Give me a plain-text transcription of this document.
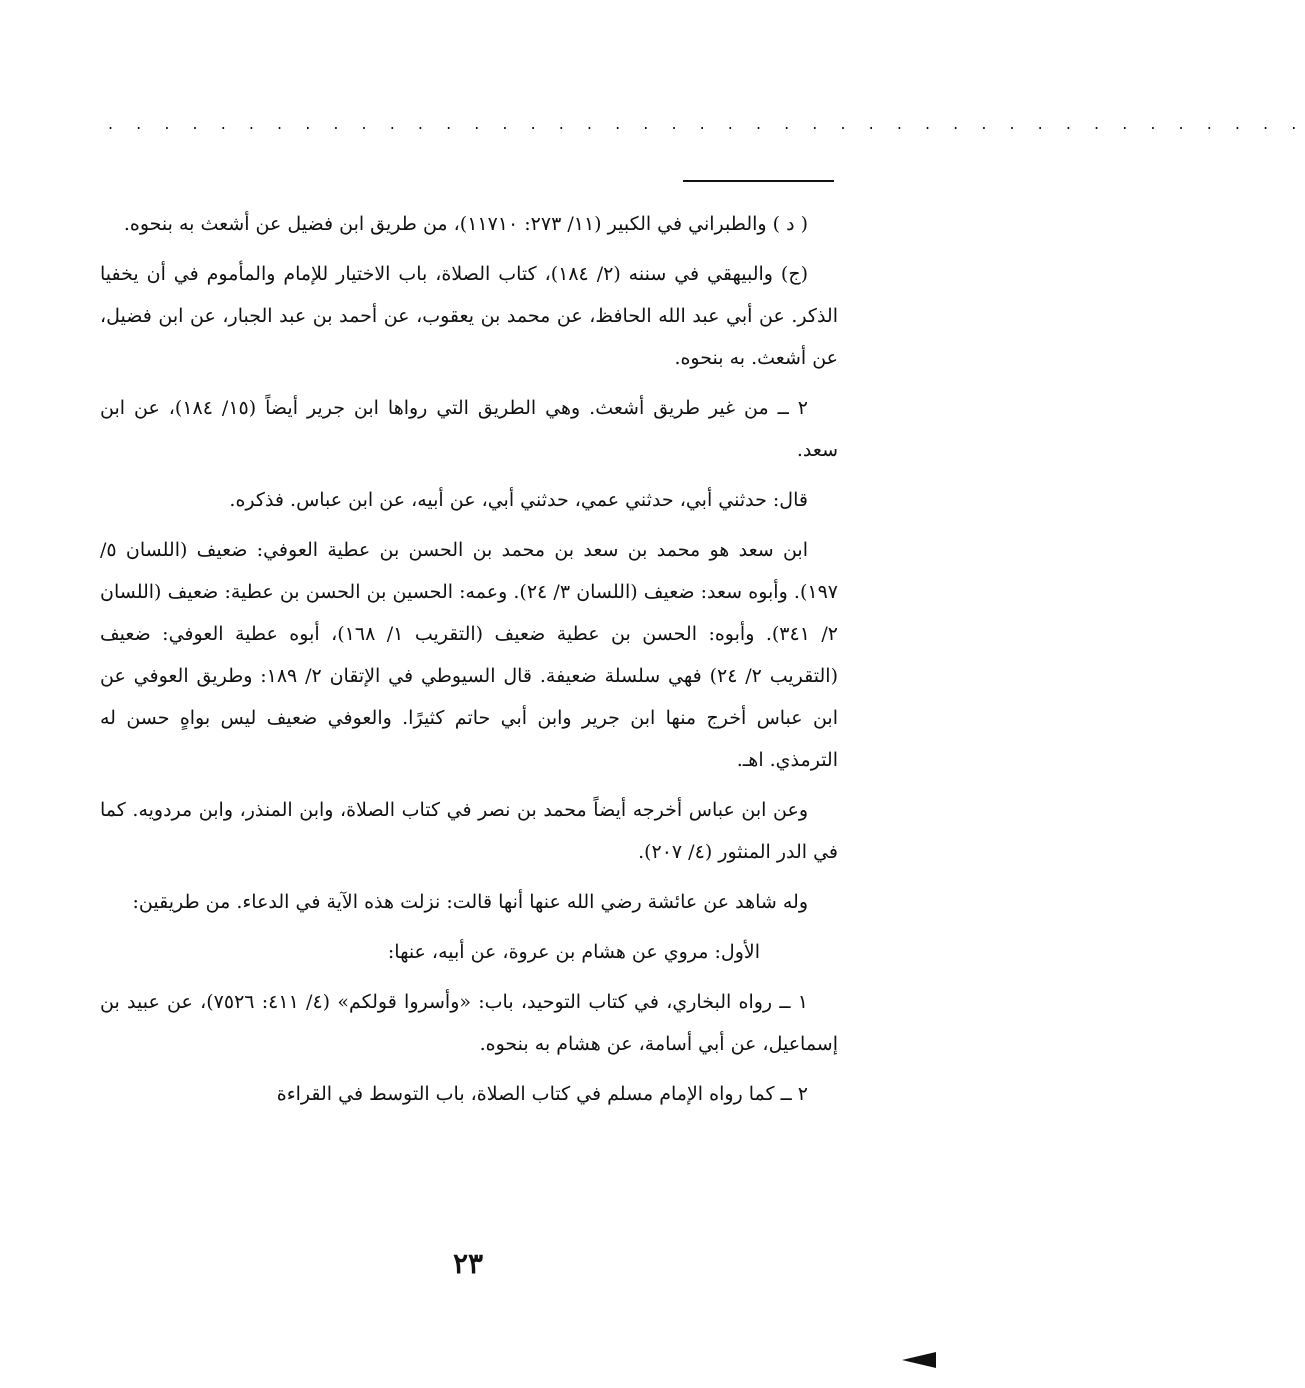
. . . . . . . . . . . . . . . . . . . . . . . . . . . . . . . . . . . . . . . . . . .

( د ) والطبراني في الكبير (١١/ ٢٧٣: ١١٧١٠)، من طريق ابن فضيل عن أشعث به بنحوه.

(ج) والبيهقي في سننه (٢/ ١٨٤)، كتاب الصلاة، باب الاختيار للإمام والمأموم في أن يخفيا الذكر. عن أبي عبد الله الحافظ، عن محمد بن يعقوب، عن أحمد بن عبد الجبار، عن ابن فضيل، عن أشعث. به بنحوه.

٢ ــ من غير طريق أشعث. وهي الطريق التي رواها ابن جرير أيضاً (١٥/ ١٨٤)، عن ابن سعد.

قال: حدثني أبي، حدثني عمي، حدثني أبي، عن أبيه، عن ابن عباس. فذكره.

ابن سعد هو محمد بن سعد بن محمد بن الحسن بن عطية العوفي: ضعيف (اللسان ٥/ ١٩٧). وأبوه سعد: ضعيف (اللسان ٣/ ٢٤). وعمه: الحسين بن الحسن بن عطية: ضعيف (اللسان ٢/ ٣٤١). وأبوه: الحسن بن عطية ضعيف (التقريب ١/ ١٦٨)، أبوه عطية العوفي: ضعيف (التقريب ٢/ ٢٤) فهي سلسلة ضعيفة. قال السيوطي في الإتقان ٢/ ١٨٩: وطريق العوفي عن ابن عباس أخرج منها ابن جرير وابن أبي حاتم كثيرًا. والعوفي ضعيف ليس بواهٍ حسن له الترمذي. اهـ.

وعن ابن عباس أخرجه أيضاً محمد بن نصر في كتاب الصلاة، وابن المنذر، وابن مردويه. كما في الدر المنثور (٤/ ٢٠٧).

وله شاهد عن عائشة رضي الله عنها أنها قالت: نزلت هذه الآية في الدعاء. من طريقين:

الأول: مروي عن هشام بن عروة، عن أبيه، عنها:

١ ــ رواه البخاري، في كتاب التوحيد، باب: «وأسروا قولكم» (٤/ ٤١١: ٧٥٢٦)، عن عبيد بن إسماعيل، عن أبي أسامة، عن هشام به بنحوه.

٢ ــ كما رواه الإمام مسلم في كتاب الصلاة، باب التوسط في القراءة

٢٣
